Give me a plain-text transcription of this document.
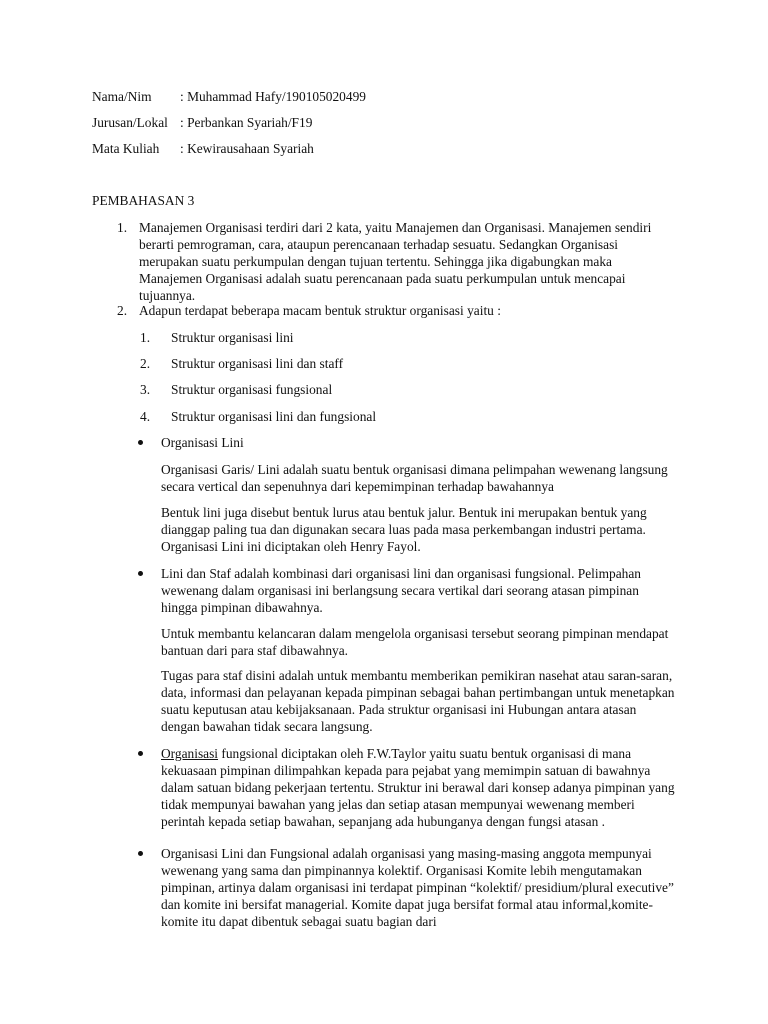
Nama/Nim : Muhammad Hafy/190105020499
Jurusan/Lokal : Perbankan Syariah/F19
Mata Kuliah : Kewirausahaan Syariah
PEMBAHASAN 3
1. Manajemen Organisasi terdiri dari 2 kata, yaitu Manajemen dan Organisasi. Manajemen sendiri berarti pemrograman, cara, ataupun perencanaan terhadap sesuatu. Sedangkan Organisasi merupakan suatu perkumpulan dengan tujuan tertentu. Sehingga jika digabungkan maka Manajemen Organisasi adalah suatu perencanaan pada suatu perkumpulan untuk mencapai tujuannya.
2. Adapun terdapat beberapa macam bentuk struktur organisasi yaitu :
1. Struktur organisasi lini
2. Struktur organisasi lini dan staff
3. Struktur organisasi fungsional
4. Struktur organisasi lini dan fungsional
Organisasi Lini
Organisasi Garis/ Lini adalah suatu bentuk organisasi dimana pelimpahan wewenang langsung secara vertical dan sepenuhnya dari kepemimpinan terhadap bawahannya
Bentuk lini juga disebut bentuk lurus atau bentuk jalur. Bentuk ini merupakan bentuk yang dianggap paling tua dan digunakan secara luas pada masa perkembangan industri pertama. Organisasi Lini ini diciptakan oleh Henry Fayol.
Lini dan Staf adalah kombinasi dari organisasi lini dan organisasi fungsional. Pelimpahan wewenang dalam organisasi ini berlangsung secara vertikal dari seorang atasan pimpinan hingga pimpinan dibawahnya.
Untuk membantu kelancaran dalam mengelola organisasi tersebut seorang pimpinan mendapat bantuan dari para staf dibawahnya.
Tugas para staf disini adalah untuk membantu memberikan pemikiran nasehat atau saran-saran, data, informasi dan pelayanan kepada pimpinan sebagai bahan pertimbangan untuk menetapkan suatu keputusan atau kebijaksanaan. Pada struktur organisasi ini Hubungan antara atasan dengan bawahan tidak secara langsung.
Organisasi fungsional diciptakan oleh F.W.Taylor yaitu suatu bentuk organisasi di mana kekuasaan pimpinan dilimpahkan kepada para pejabat yang memimpin satuan di bawahnya dalam satuan bidang pekerjaan tertentu. Struktur ini berawal dari konsep adanya pimpinan yang tidak mempunyai bawahan yang jelas dan setiap atasan mempunyai wewenang memberi perintah kepada setiap bawahan, sepanjang ada hubunganya dengan fungsi atasan .
Organisasi Lini dan Fungsional adalah organisasi yang masing-masing anggota mempunyai wewenang yang sama dan pimpinannya kolektif. Organisasi Komite lebih mengutamakan pimpinan, artinya dalam organisasi ini terdapat pimpinan “kolektif/ presidium/plural executive” dan komite ini bersifat managerial. Komite dapat juga bersifat formal atau informal,komite-komite itu dapat dibentuk sebagai suatu bagian dari
